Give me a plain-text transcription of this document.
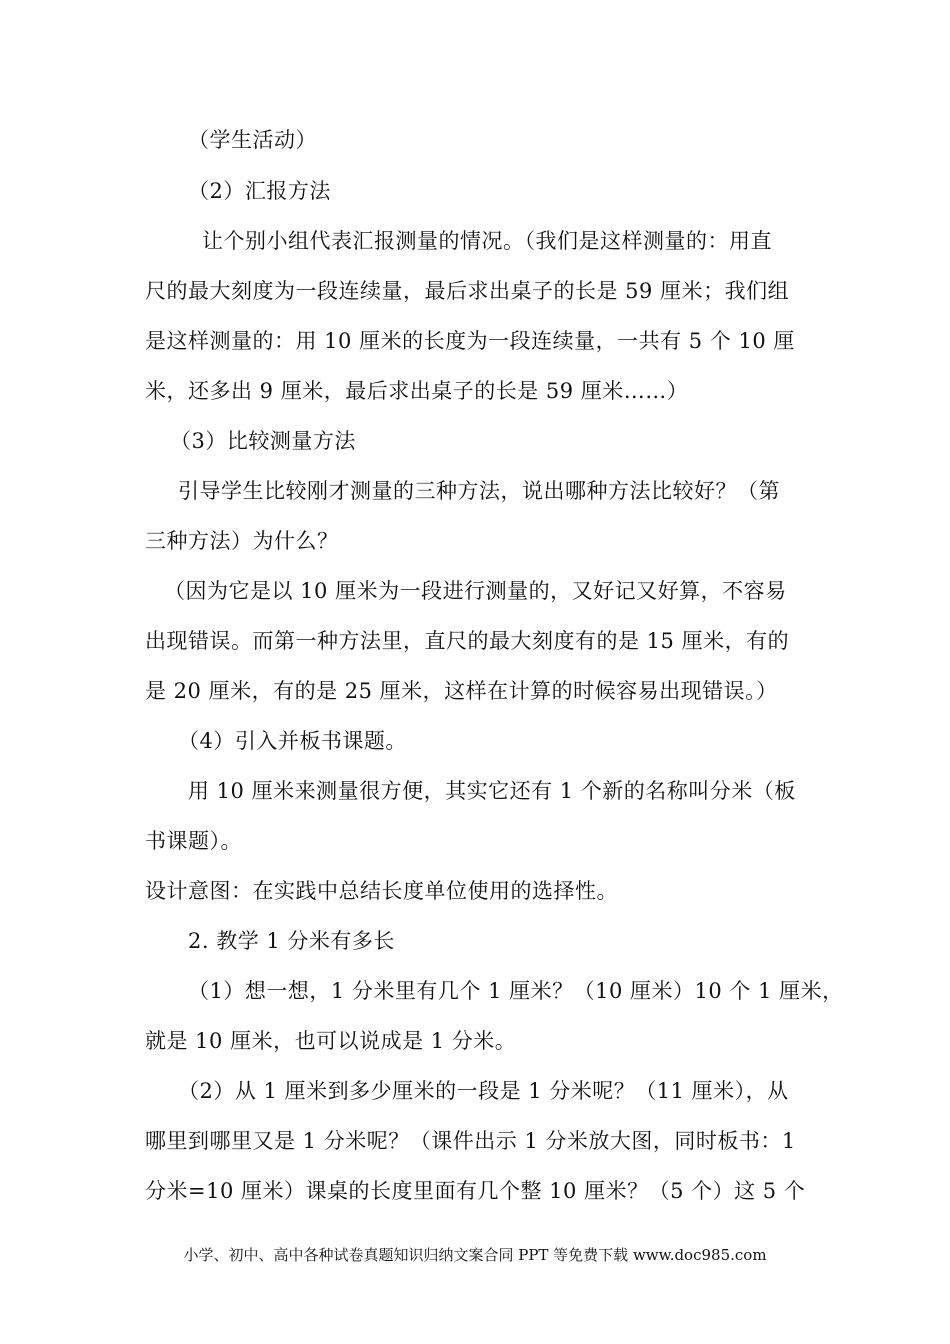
（学生活动）
（2）汇报方法
让个别小组代表汇报测量的情况。（我们是这样测量的：用直
尺的最大刻度为一段连续量，最后求出桌子的长是 59 厘米；我们组
是这样测量的：用 10 厘米的长度为一段连续量，一共有 5 个 10 厘
米，还多出 9 厘米，最后求出桌子的长是 59 厘米……）
（3）比较测量方法
引导学生比较刚才测量的三种方法，说出哪种方法比较好？（第
三种方法）为什么？
（因为它是以 10 厘米为一段进行测量的，又好记又好算，不容易
出现错误。而第一种方法里，直尺的最大刻度有的是 15 厘米，有的
是 20 厘米，有的是 25 厘米，这样在计算的时候容易出现错误。）
（4）引入并板书课题。
用 10 厘米来测量很方便，其实它还有 1 个新的名称叫分米（板
书课题）。
设计意图：在实践中总结长度单位使用的选择性。
2. 教学 1 分米有多长
（1）想一想，1 分米里有几个 1 厘米？（10 厘米）10 个 1 厘米，
就是 10 厘米，也可以说成是 1 分米。
（2）从 1 厘米到多少厘米的一段是 1 分米呢？（11 厘米），从
哪里到哪里又是 1 分米呢？（课件出示 1 分米放大图，同时板书：1
分米=10 厘米）课桌的长度里面有几个整 10 厘米？（5 个）这 5 个
小学、初中、高中各种试卷真题知识归纳文案合同 PPT 等免费下载 www.doc985.com
